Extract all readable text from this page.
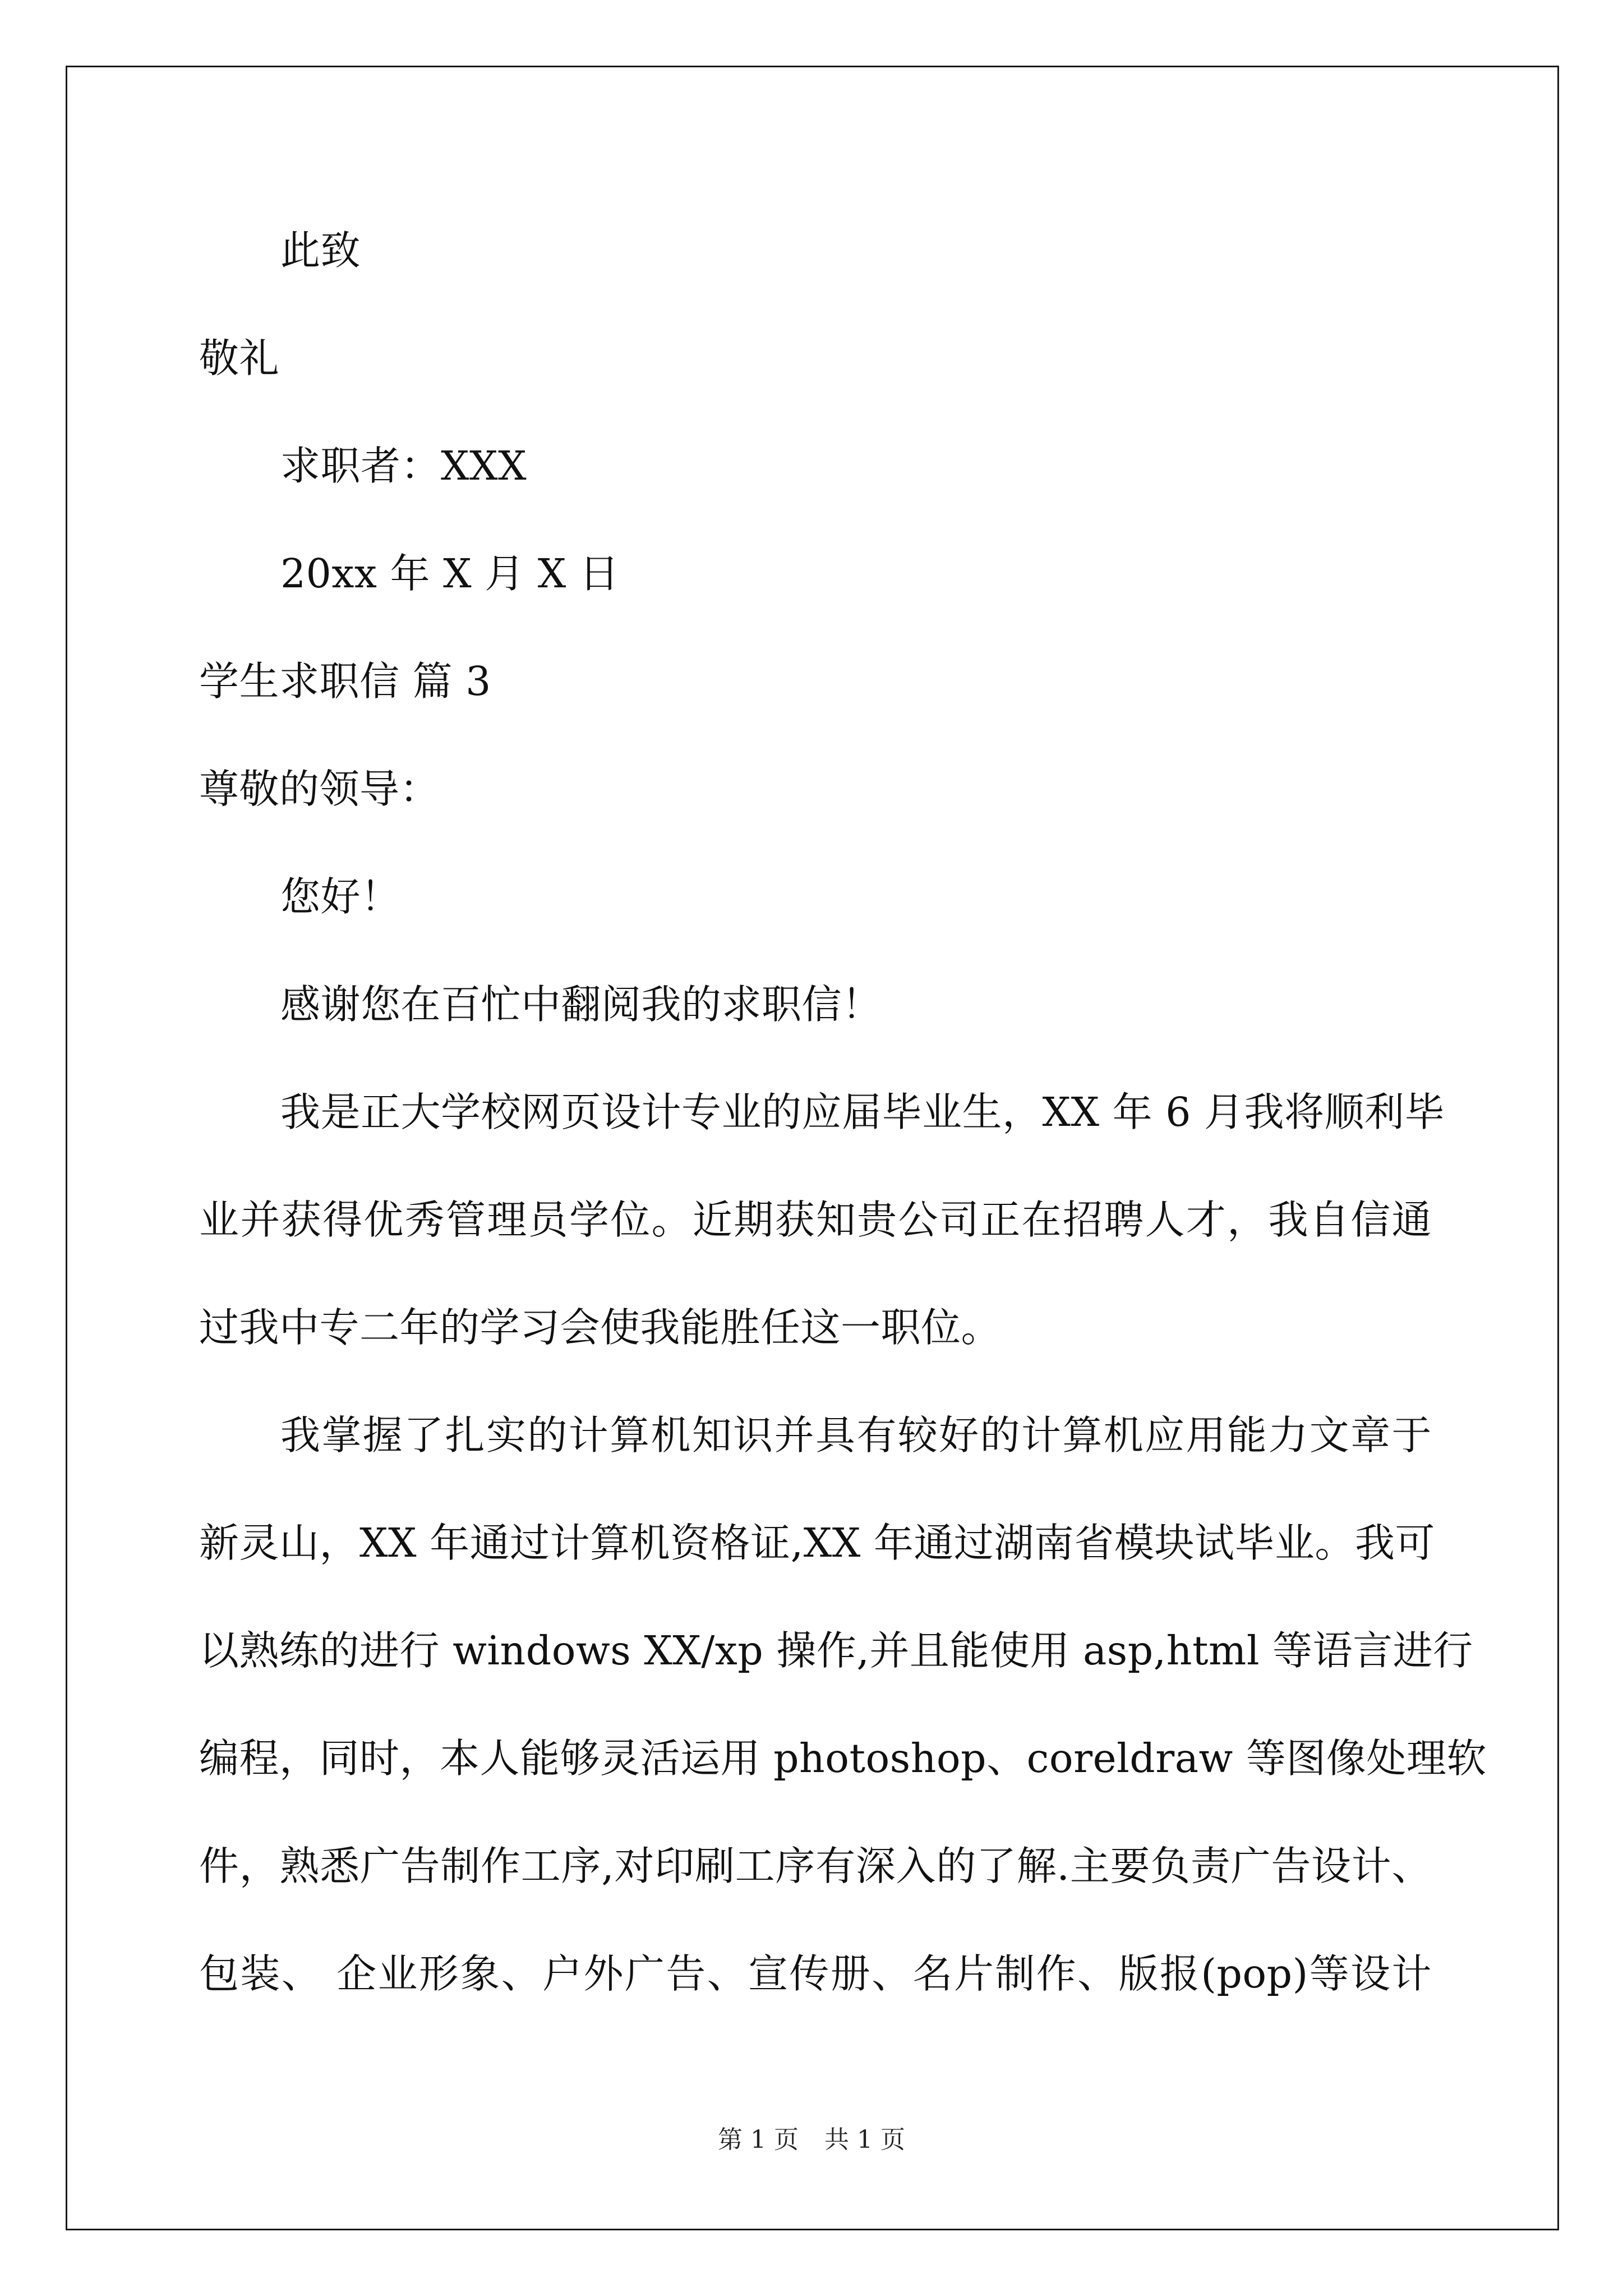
此致
敬礼
求职者：XXX
20xx 年 X 月 X 日
学生求职信 篇 3
尊敬的领导：
您好！
感谢您在百忙中翻阅我的求职信！
我是正大学校网页设计专业的应届毕业生，XX 年 6 月我将顺利毕
业并获得优秀管理员学位。近期获知贵公司正在招聘人才，我自信通
过我中专二年的学习会使我能胜任这一职位。
我掌握了扎实的计算机知识并具有较好的计算机应用能力文章于
新灵山，XX 年通过计算机资格证,XX 年通过湖南省模块试毕业。我可
以熟练的进行 windows XX/xp 操作,并且能使用 asp,html 等语言进行
编程，同时，本人能够灵活运用 photoshop、coreldraw 等图像处理软
件，熟悉广告制作工序,对印刷工序有深入的了解.主要负责广告设计、
包装、 企业形象、户外广告、宣传册、名片制作、版报(pop)等设计
第 1 页 共 1 页
